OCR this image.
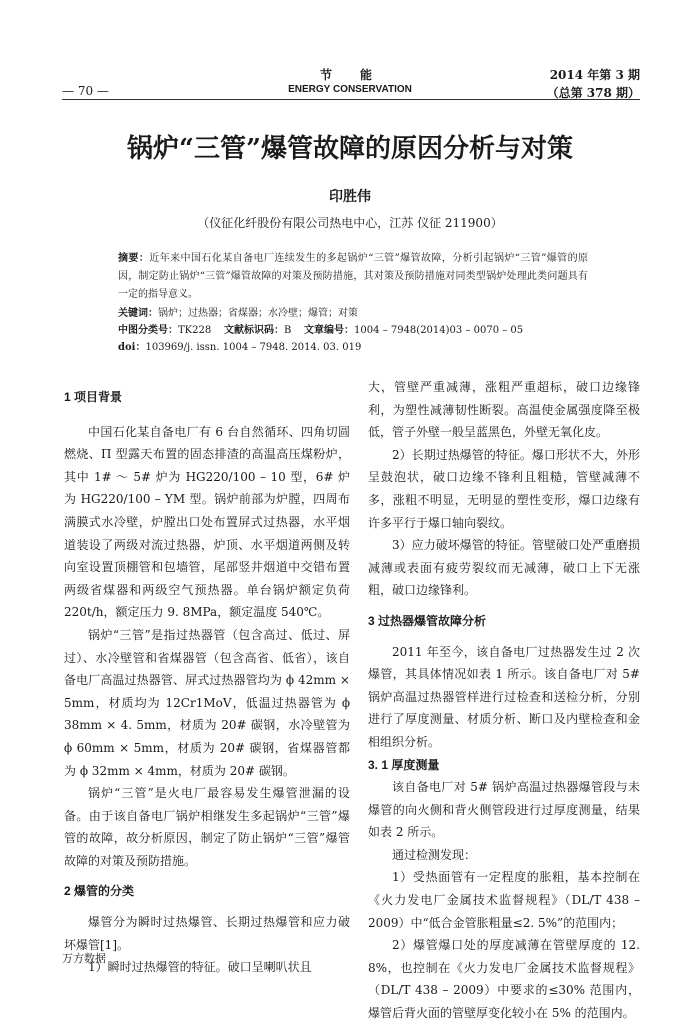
— 70 —
节　能
ENERGY CONSERVATION
2014 年第 3 期
（总第 378 期）
锅炉“三管”爆管故障的原因分析与对策
印胜伟
（仪征化纤股份有限公司热电中心，江苏 仪征 211900）
摘要：近年来中国石化某自备电厂连续发生的多起锅炉“三管”爆管故障，分析引起锅炉“三管”爆管的原因，制定防止锅炉“三管”爆管故障的对策及预防措施，其对策及预防措施对同类型锅炉处理此类问题具有一定的指导意义。
关键词：锅炉；过热器；省煤器；水冷壁；爆管；对策
中图分类号：TK228 文献标识码：B 文章编号：1004 – 7948(2014)03 – 0070 – 05
doi：103969/j. issn. 1004 – 7948. 2014. 03. 019
1 项目背景

中国石化某自备电厂有 6 台自然循环、四角切圆燃烧、Π 型露天布置的固态排渣的高温高压煤粉炉，其中 1# ～ 5# 炉为 HG220/100 – 10 型，6# 炉为 HG220/100 – YM 型。锅炉前部为炉膛，四周布满膜式水冷壁，炉膛出口处布置屏式过热器，水平烟道装设了两级对流过热器，炉顶、水平烟道两侧及转向室设置顶棚管和包墙管，尾部竖井烟道中交错布置两级省煤器和两级空气预热器。单台锅炉额定负荷 220t/h，额定压力 9. 8MPa，额定温度 540℃。

锅炉“三管”是指过热器管（包含高过、低过、屏过）、水冷壁管和省煤器管（包含高省、低省），该自备电厂高温过热器管、屏式过热器管均为 ϕ 42mm × 5mm，材质均为 12Cr1MoV，低温过热器管为 ϕ 38mm × 4. 5mm，材质为 20# 碳钢，水冷壁管为 ϕ 60mm × 5mm，材质为 20# 碳钢，省煤器管都为 ϕ 32mm × 4mm，材质为 20# 碳钢。

锅炉“三管”是火电厂最容易发生爆管泄漏的设备。由于该自备电厂锅炉相继发生多起锅炉“三管”爆管的故障，故分析原因，制定了防止锅炉“三管”爆管故障的对策及预防措施。

2 爆管的分类

爆管分为瞬时过热爆管、长期过热爆管和应力破坏爆管[1]。

1）瞬时过热爆管的特征。破口呈喇叭状且

大，管壁严重减薄，涨粗严重超标，破口边缘锋利，为塑性减薄韧性断裂。高温使金属强度降至极低，管子外壁一般呈蓝黑色，外壁无氧化皮。

2）长期过热爆管的特征。爆口形状不大，外形呈鼓泡状，破口边缘不锋利且粗糙，管壁减薄不多，涨粗不明显，无明显的塑性变形，爆口边缘有许多平行于爆口轴向裂纹。

3）应力破坏爆管的特征。管壁破口处严重磨损减薄或表面有疲劳裂纹而无减薄，破口上下无涨粗，破口边缘锋利。

3 过热器爆管故障分析

2011 年至今，该自备电厂过热器发生过 2 次爆管，其具体情况如表 1 所示。该自备电厂对 5# 锅炉高温过热器管样进行过检查和送检分析，分别进行了厚度测量、材质分析、断口及内壁检查和金相组织分析。

3. 1 厚度测量

该自备电厂对 5# 锅炉高温过热器爆管段与未爆管的向火侧和背火侧管段进行过厚度测量，结果如表 2 所示。

通过检测发现：

1）受热面管有一定程度的胀粗，基本控制在《火力发电厂金属技术监督规程》（DL/T 438 – 2009）中“低合金管胀粗量≤2. 5%”的范围内；

2）爆管爆口处的厚度减薄在管壁厚度的 12. 8%，也控制在《火力发电厂金属技术监督规程》（DL/T 438 – 2009）中要求的≤30% 范围内，爆管后背火面的管壁厚变化较小在 5% 的范围内。

万方数据
